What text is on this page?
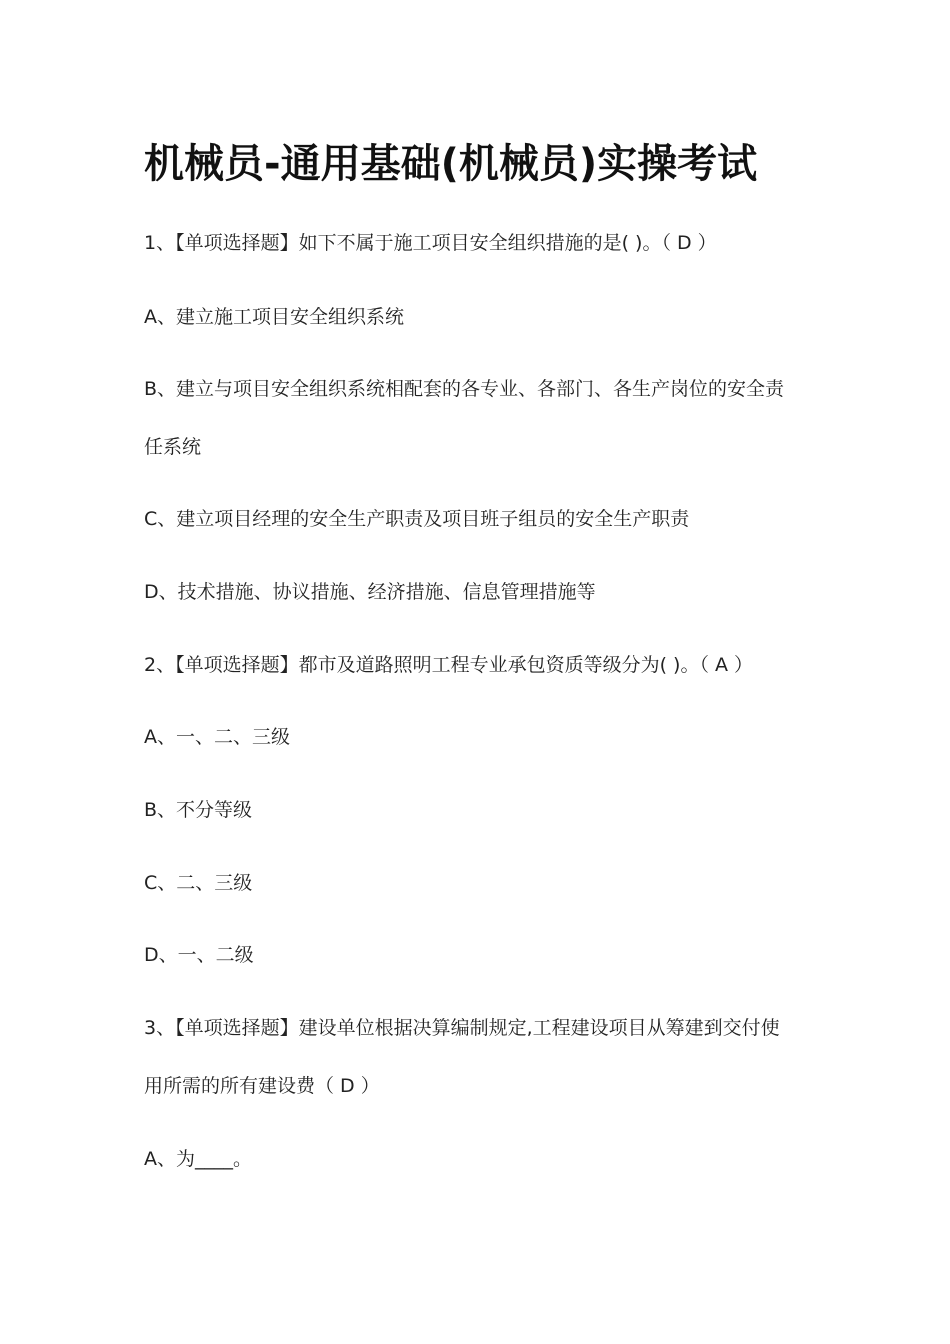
机械员-通用基础(机械员)实操考试
1、【单项选择题】如下不属于施工项目安全组织措施的是( )。（ D ）
A、建立施工项目安全组织系统
B、建立与项目安全组织系统相配套的各专业、各部门、各生产岗位的安全责
任系统
C、建立项目经理的安全生产职责及项目班子组员的安全生产职责
D、技术措施、协议措施、经济措施、信息管理措施等
2、【单项选择题】都市及道路照明工程专业承包资质等级分为( )。（ A ）
A、一、二、三级
B、不分等级
C、二、三级
D、一、二级
3、【单项选择题】建设单位根据决算编制规定,工程建设项目从筹建到交付使
用所需的所有建设费（ D ）
A、为____。
